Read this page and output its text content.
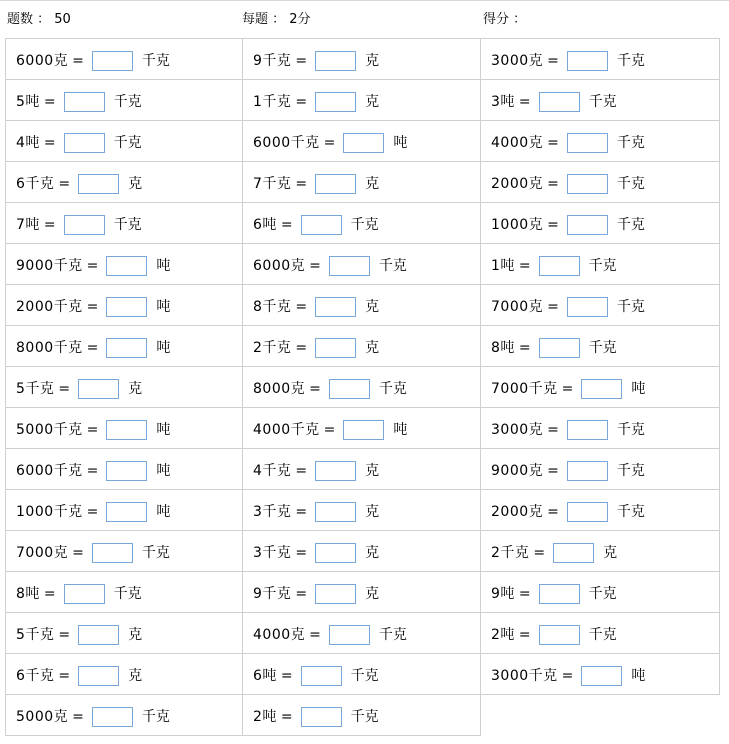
题数 ： 50	每题 ： 2分	得分 ：
6000克 =	千克	9千克 =	克	3000克 =	千克
5吨 =	千克	1千克 =	克	3吨 =	千克
4吨 =	千克	6000千克 =	吨	4000克 =	千克
6千克 =	克	7千克 =	克	2000克 =	千克
7吨 =	千克	6吨 =	千克	1000克 =	千克
9000千克 =	吨	6000克 =	千克	1吨 =	千克
2000千克 =	吨	8千克 =	克	7000克 =	千克
8000千克 =	吨	2千克 =	克	8吨 =	千克
5千克 =	克	8000克 =	千克	7000千克 =	吨
5000千克 =	吨	4000千克 =	吨	3000克 =	千克
6000千克 =	吨	4千克 =	克	9000克 =	千克
1000千克 =	吨	3千克 =	克	2000克 =	千克
7000克 =	千克	3千克 =	克	2千克 =	克
8吨 =	千克	9千克 =	克	9吨 =	千克
5千克 =	克	4000克 =	千克	2吨 =	千克
6千克 =	克	6吨 =	千克	3000千克 =	吨
5000克 =	千克	2吨 =	千克
